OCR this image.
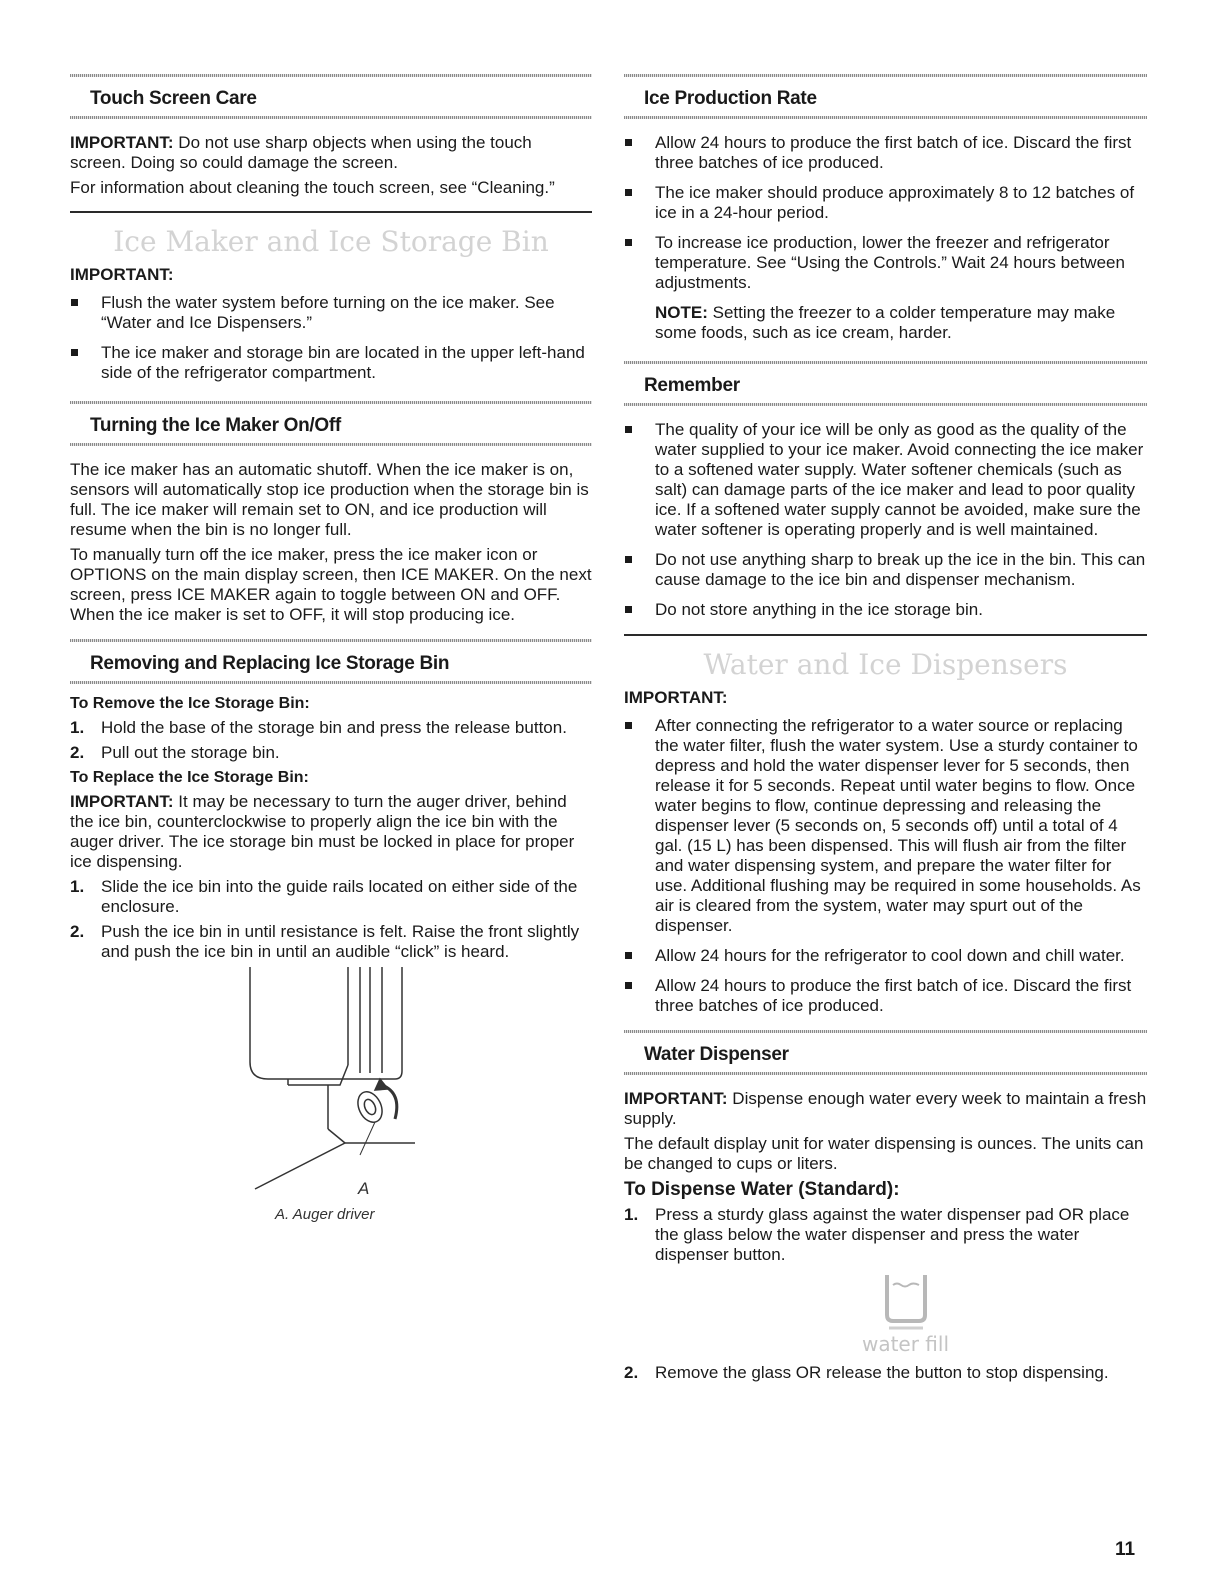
Touch Screen Care

IMPORTANT: Do not use sharp objects when using the touch screen. Doing so could damage the screen.

For information about cleaning the touch screen, see “Cleaning.”

Ice Maker and Ice Storage Bin

IMPORTANT:

Flush the water system before turning on the ice maker. See “Water and Ice Dispensers.”
The ice maker and storage bin are located in the upper left-hand side of the refrigerator compartment.
Turning the Ice Maker On/Off

The ice maker has an automatic shutoff. When the ice maker is on, sensors will automatically stop ice production when the storage bin is full. The ice maker will remain set to ON, and ice production will resume when the bin is no longer full.

To manually turn off the ice maker, press the ice maker icon or OPTIONS on the main display screen, then ICE MAKER. On the next screen, press ICE MAKER again to toggle between ON and OFF. When the ice maker is set to OFF, it will stop producing ice.

Removing and Replacing Ice Storage Bin
To Remove the Ice Storage Bin:
1. Hold the base of the storage bin and press the release button.
2. Pull out the storage bin.
To Replace the Ice Storage Bin:

IMPORTANT: It may be necessary to turn the auger driver, behind the ice bin, counterclockwise to properly align the ice bin with the auger driver. The ice storage bin must be locked in place for proper ice dispensing.

1. Slide the ice bin into the guide rails located on either side of the enclosure.
2. Push the ice bin in until resistance is felt. Raise the front slightly and push the ice bin in until an audible “click” is heard.
A
A. Auger driver
Ice Production Rate
Allow 24 hours to produce the first batch of ice. Discard the first three batches of ice produced.
The ice maker should produce approximately 8 to 12 batches of ice in a 24-hour period.
To increase ice production, lower the freezer and refrigerator temperature. See “Using the Controls.” Wait 24 hours between adjustments.

NOTE: Setting the freezer to a colder temperature may make some foods, such as ice cream, harder.

Remember
The quality of your ice will be only as good as the quality of the water supplied to your ice maker. Avoid connecting the ice maker to a softened water supply. Water softener chemicals (such as salt) can damage parts of the ice maker and lead to poor quality ice. If a softened water supply cannot be avoided, make sure the water softener is operating properly and is well maintained.
Do not use anything sharp to break up the ice in the bin. This can cause damage to the ice bin and dispenser mechanism.
Do not store anything in the ice storage bin.
Water and Ice Dispensers

IMPORTANT:

After connecting the refrigerator to a water source or replacing the water filter, flush the water system. Use a sturdy container to depress and hold the water dispenser lever for 5 seconds, then release it for 5 seconds. Repeat until water begins to flow. Once water begins to flow, continue depressing and releasing the dispenser lever (5 seconds on, 5 seconds off) until a total of 4 gal. (15 L) has been dispensed. This will flush air from the filter and water dispensing system, and prepare the water filter for use. Additional flushing may be required in some households. As air is cleared from the system, water may spurt out of the dispenser.
Allow 24 hours for the refrigerator to cool down and chill water.
Allow 24 hours to produce the first batch of ice. Discard the first three batches of ice produced.
Water Dispenser

IMPORTANT: Dispense enough water every week to maintain a fresh supply.

The default display unit for water dispensing is ounces. The units can be changed to cups or liters.

To Dispense Water (Standard):
1. Press a sturdy glass against the water dispenser pad OR place the glass below the water dispenser and press the water dispenser button.
water fill
2. Remove the glass OR release the button to stop dispensing.
11
